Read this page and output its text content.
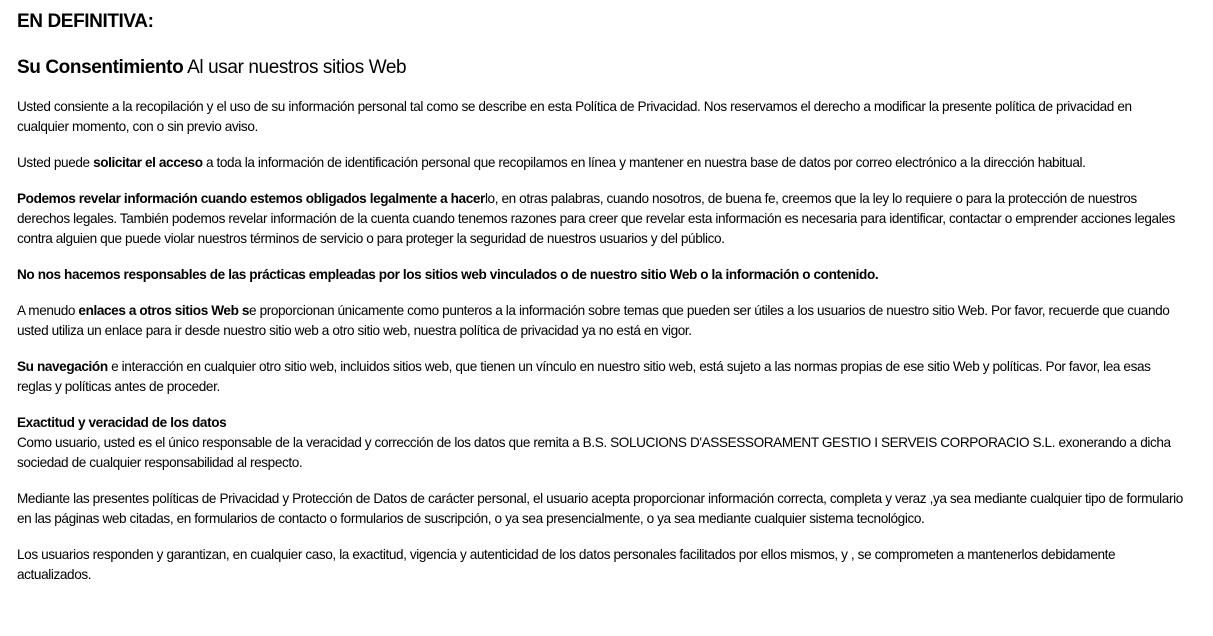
EN DEFINITIVA:
Su Consentimiento Al usar nuestros sitios Web

Usted consiente a la recopilación y el uso de su información personal tal como se describe en esta Política de Privacidad. Nos reservamos el derecho a modificar la presente política de privacidad en cualquier momento, con o sin previo aviso.

Usted puede solicitar el acceso a toda la información de identificación personal que recopilamos en línea y mantener en nuestra base de datos por correo electrónico a la dirección habitual.

Podemos revelar información cuando estemos obligados legalmente a hacerlo, en otras palabras, cuando nosotros, de buena fe, creemos que la ley lo requiere o para la protección de nuestros derechos legales. También podemos revelar información de la cuenta cuando tenemos razones para creer que revelar esta información es necesaria para identificar, contactar o emprender acciones legales contra alguien que puede violar nuestros términos de servicio o para proteger la seguridad de nuestros usuarios y del público.

No nos hacemos responsables de las prácticas empleadas por los sitios web vinculados o de nuestro sitio Web o la información o contenido.

A menudo enlaces a otros sitios Web se proporcionan únicamente como punteros a la información sobre temas que pueden ser útiles a los usuarios de nuestro sitio Web. Por favor, recuerde que cuando usted utiliza un enlace para ir desde nuestro sitio web a otro sitio web, nuestra política de privacidad ya no está en vigor.

Su navegación e interacción en cualquier otro sitio web, incluidos sitios web, que tienen un vínculo en nuestro sitio web, está sujeto a las normas propias de ese sitio Web y políticas. Por favor, lea esas reglas y políticas antes de proceder.

Exactitud y veracidad de los datos
Como usuario, usted es el único responsable de la veracidad y corrección de los datos que remita a B.S. SOLUCIONS D'ASSESSORAMENT GESTIO I SERVEIS CORPORACIO S.L. exonerando a dicha sociedad de cualquier responsabilidad al respecto.

Mediante las presentes políticas de Privacidad y Protección de Datos de carácter personal, el usuario acepta proporcionar información correcta, completa y veraz ,ya sea mediante cualquier tipo de formulario en las páginas web citadas, en formularios de contacto o formularios de suscripción, o ya sea presencialmente, o ya sea mediante cualquier sistema tecnológico.

Los usuarios responden y garantizan, en cualquier caso, la exactitud, vigencia y autenticidad de los datos personales facilitados por ellos mismos, y , se comprometen a mantenerlos debidamente actualizados.
